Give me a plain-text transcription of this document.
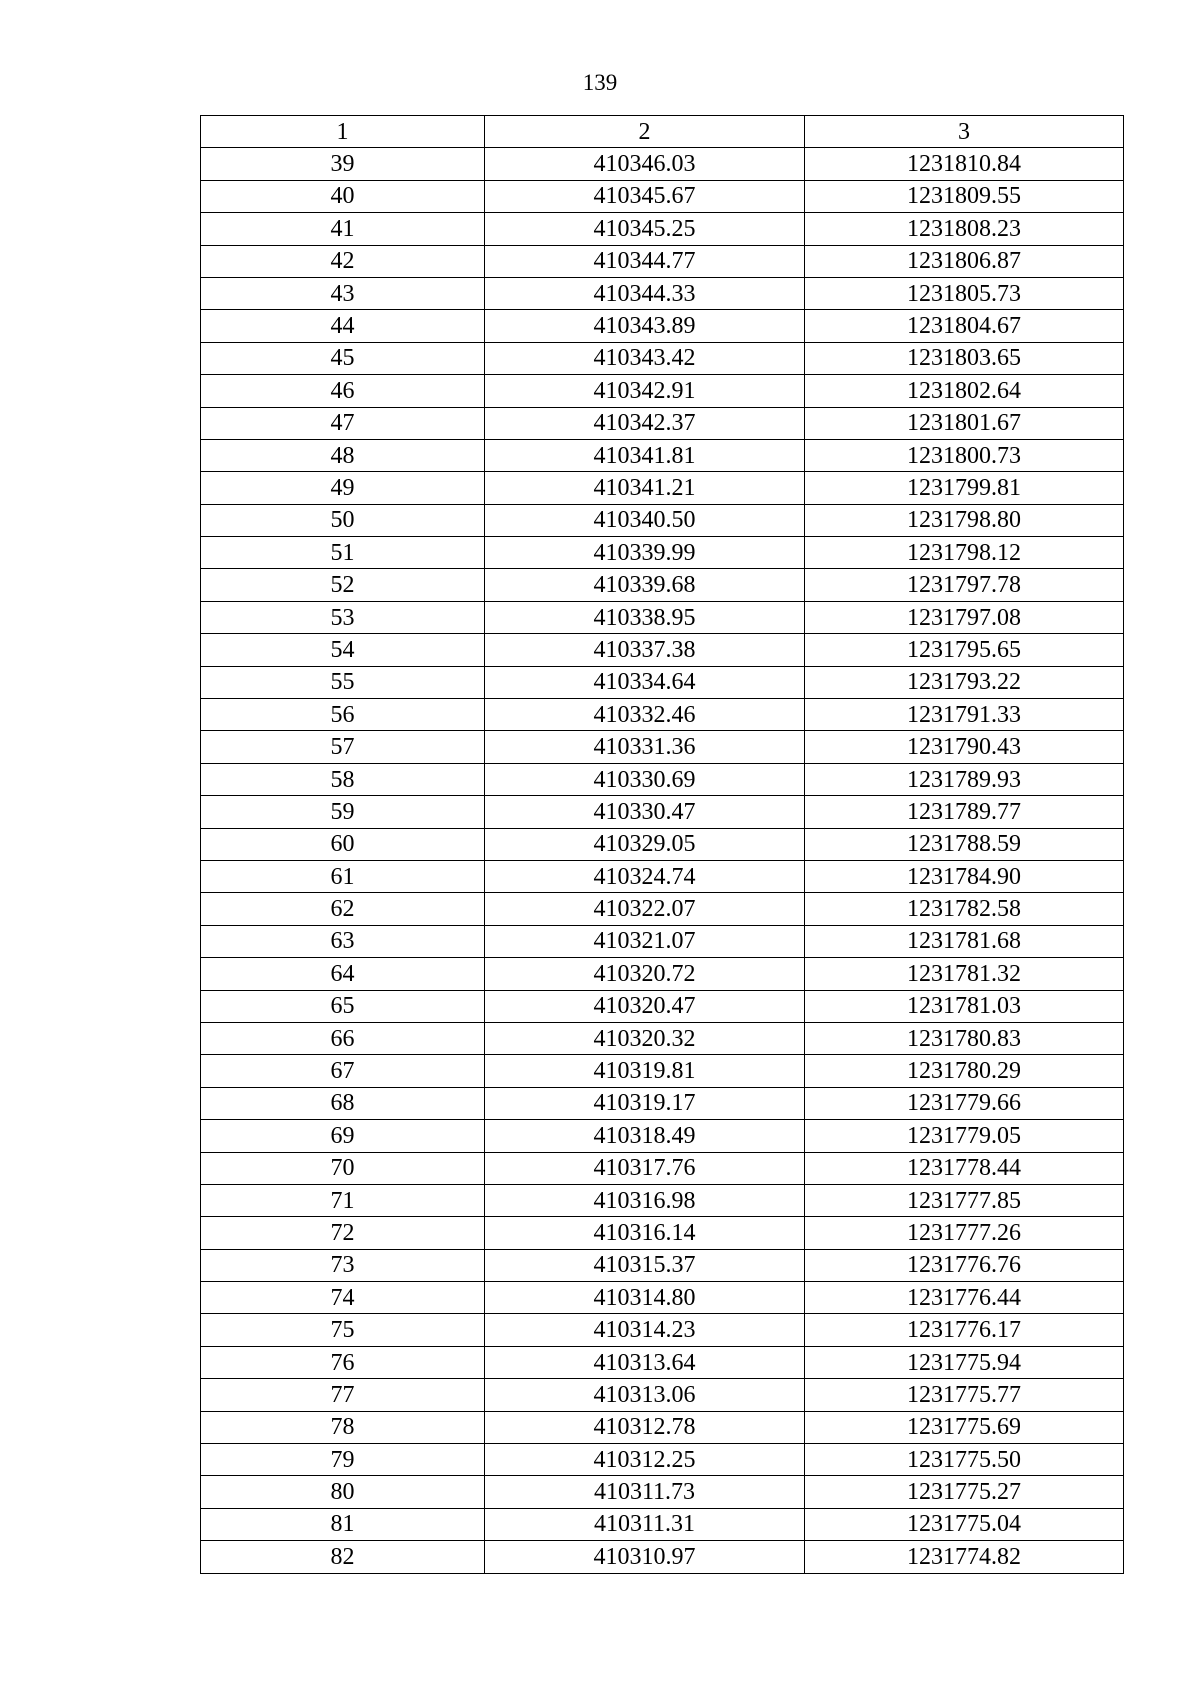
139
1	2	3
39	410346.03	1231810.84
40	410345.67	1231809.55
41	410345.25	1231808.23
42	410344.77	1231806.87
43	410344.33	1231805.73
44	410343.89	1231804.67
45	410343.42	1231803.65
46	410342.91	1231802.64
47	410342.37	1231801.67
48	410341.81	1231800.73
49	410341.21	1231799.81
50	410340.50	1231798.80
51	410339.99	1231798.12
52	410339.68	1231797.78
53	410338.95	1231797.08
54	410337.38	1231795.65
55	410334.64	1231793.22
56	410332.46	1231791.33
57	410331.36	1231790.43
58	410330.69	1231789.93
59	410330.47	1231789.77
60	410329.05	1231788.59
61	410324.74	1231784.90
62	410322.07	1231782.58
63	410321.07	1231781.68
64	410320.72	1231781.32
65	410320.47	1231781.03
66	410320.32	1231780.83
67	410319.81	1231780.29
68	410319.17	1231779.66
69	410318.49	1231779.05
70	410317.76	1231778.44
71	410316.98	1231777.85
72	410316.14	1231777.26
73	410315.37	1231776.76
74	410314.80	1231776.44
75	410314.23	1231776.17
76	410313.64	1231775.94
77	410313.06	1231775.77
78	410312.78	1231775.69
79	410312.25	1231775.50
80	410311.73	1231775.27
81	410311.31	1231775.04
82	410310.97	1231774.82
